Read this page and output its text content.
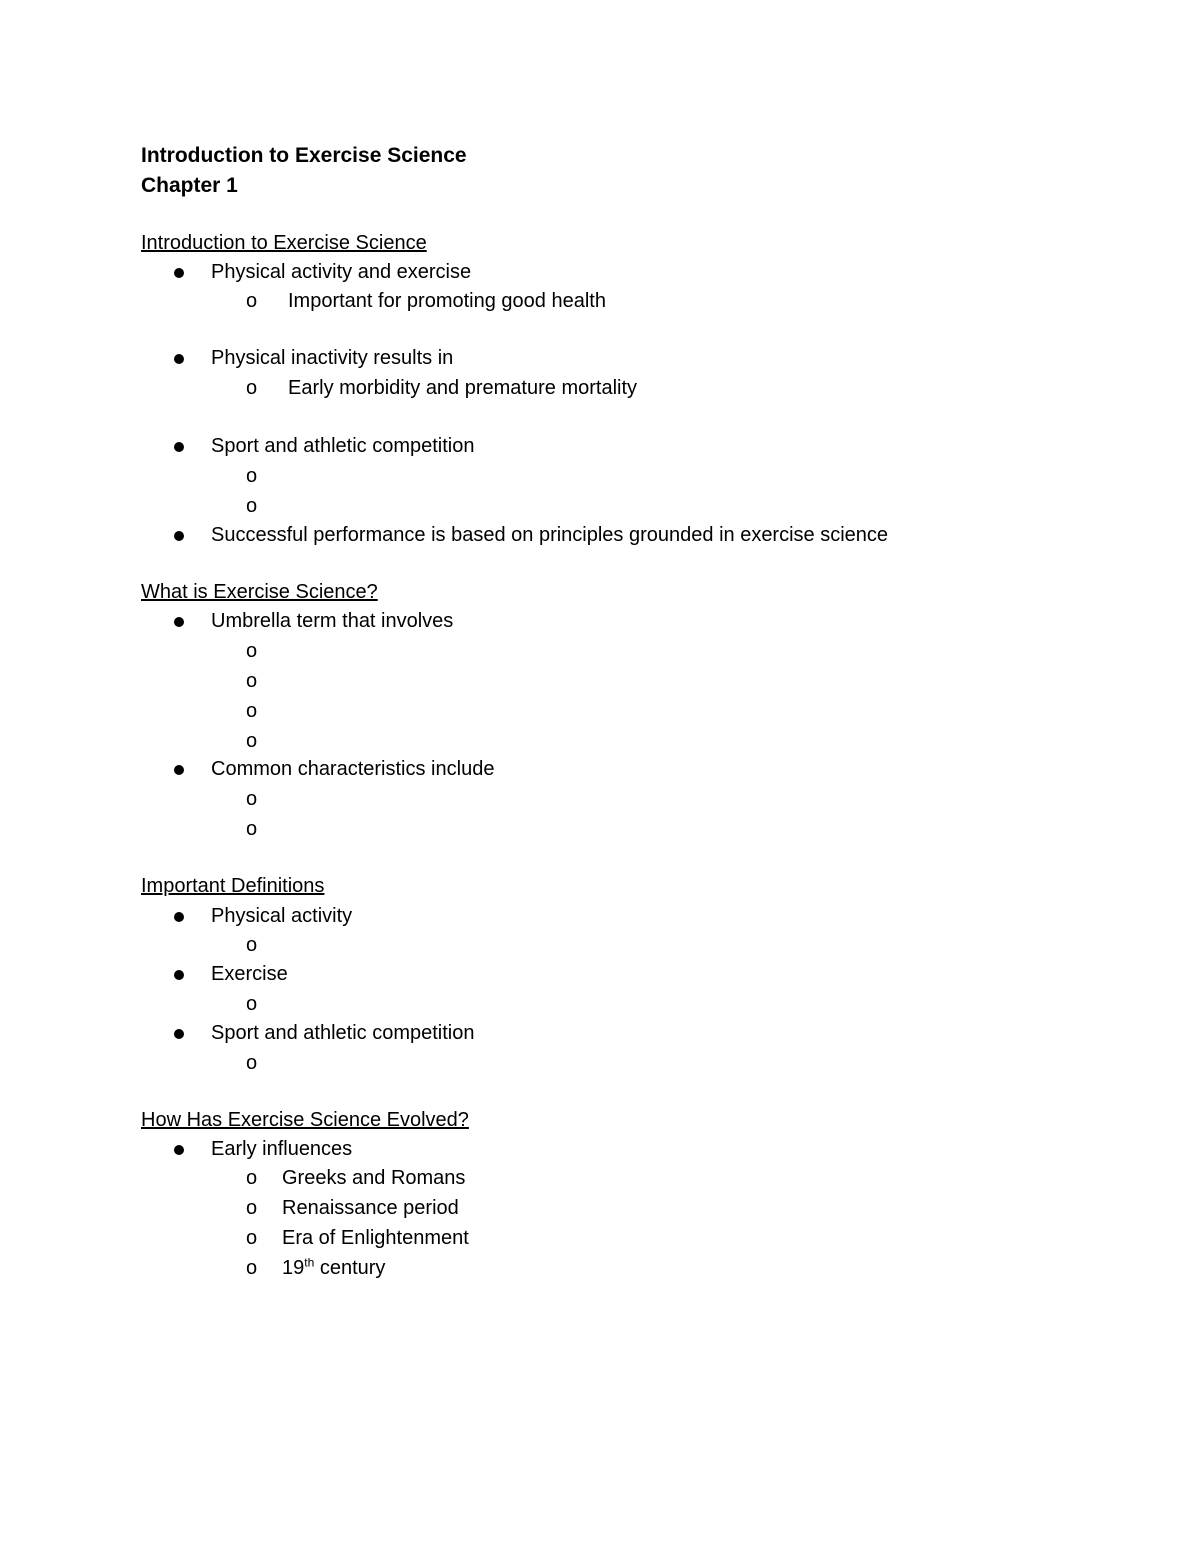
Introduction to Exercise Science
Chapter 1
Introduction to Exercise Science
Physical activity and exercise
o	Important for promoting good health
Physical inactivity results in
o	Early morbidity and premature mortality
Sport and athletic competition
o
o
Successful performance is based on principles grounded in exercise science
What is Exercise Science?
Umbrella term that involves
o
o
o
o
Common characteristics include
o
o
Important Definitions
Physical activity
o
Exercise
o
Sport and athletic competition
o
How Has Exercise Science Evolved?
Early influences
o	Greeks and Romans
o	Renaissance period
o	Era of Enlightenment
o	19th century
